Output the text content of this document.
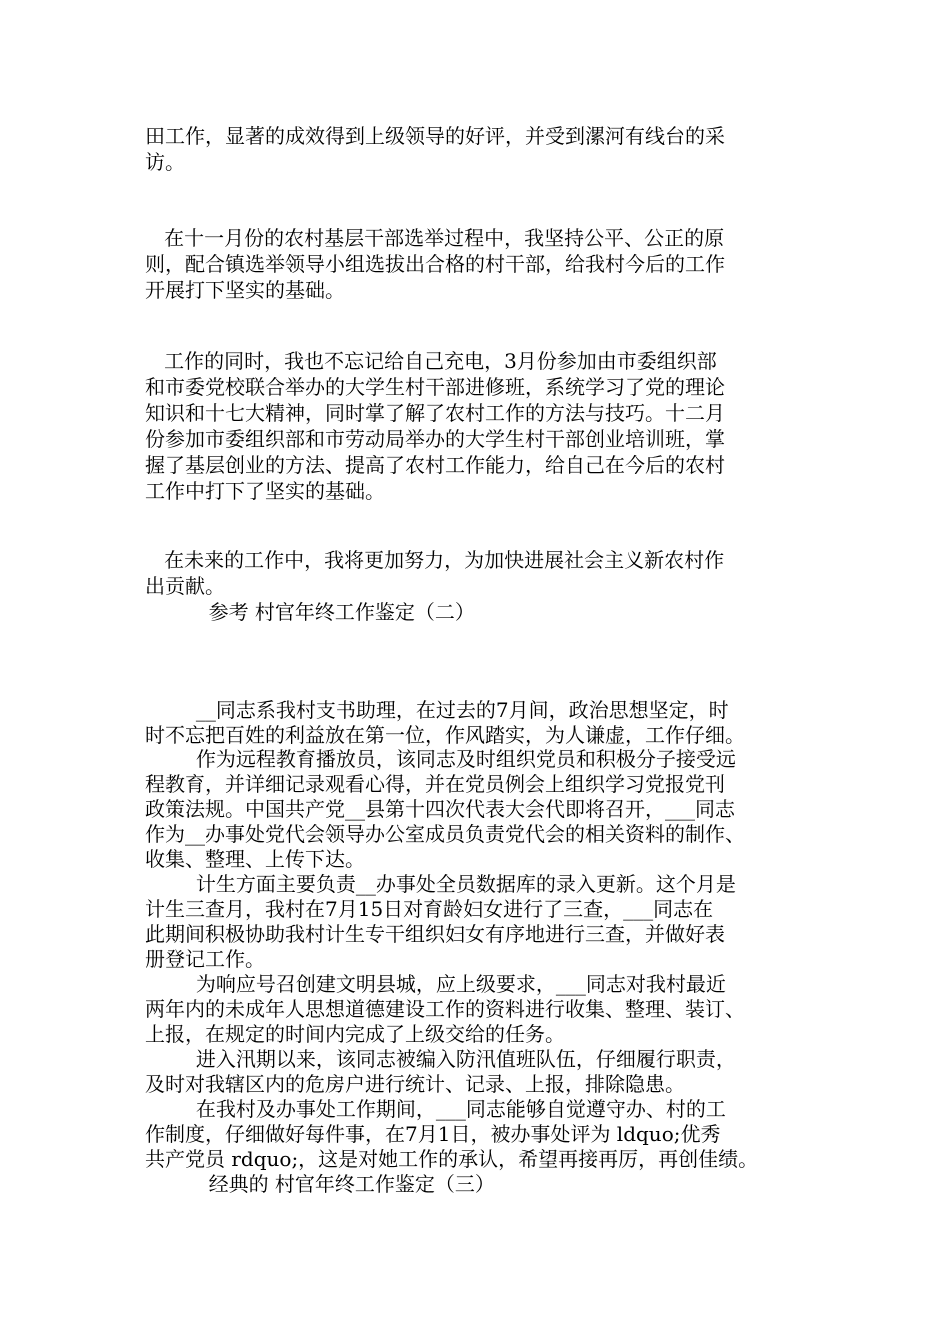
田工作，显著的成效得到上级领导的好评，并受到漯河有线台的采
访。
在十一月份的农村基层干部选举过程中，我坚持公平、公正的原
则，配合镇选举领导小组选拔出合格的村干部，给我村今后的工作
开展打下坚实的基础。
工作的同时，我也不忘记给自己充电，3月份参加由市委组织部
和市委党校联合举办的大学生村干部进修班，系统学习了党的理论
知识和十七大精神，同时掌了解了农村工作的方法与技巧。十二月
份参加市委组织部和市劳动局举办的大学生村干部创业培训班，掌
握了基层创业的方法、提高了农村工作能力，给自己在今后的农村
工作中打下了坚实的基础。
在未来的工作中，我将更加努力，为加快进展社会主义新农村作
出贡献。
参考 村官年终工作鉴定（二）
__同志系我村支书助理，在过去的7月间，政治思想坚定，时
时不忘把百姓的利益放在第一位，作风踏实，为人谦虚，工作仔细。
作为远程教育播放员，该同志及时组织党员和积极分子接受远
程教育，并详细记录观看心得，并在党员例会上组织学习党报党刊
政策法规。中国共产党__县第十四次代表大会代即将召开，___同志
作为__办事处党代会领导办公室成员负责党代会的相关资料的制作、
收集、整理、上传下达。
计生方面主要负责__办事处全员数据库的录入更新。这个月是
计生三查月，我村在7月15日对育龄妇女进行了三查，___同志在
此期间积极协助我村计生专干组织妇女有序地进行三查，并做好表
册登记工作。
为响应号召创建文明县城，应上级要求，___同志对我村最近
两年内的未成年人思想道德建设工作的资料进行收集、整理、装订、
上报，在规定的时间内完成了上级交给的任务。
进入汛期以来，该同志被编入防汛值班队伍，仔细履行职责，
及时对我辖区内的危房户进行统计、记录、上报，排除隐患。
在我村及办事处工作期间，___同志能够自觉遵守办、村的工
作制度，仔细做好每件事，在7月1日，被办事处评为 ldquo;优秀
共产党员 rdquo;，这是对她工作的承认，希望再接再厉，再创佳绩。
经典的 村官年终工作鉴定（三）
